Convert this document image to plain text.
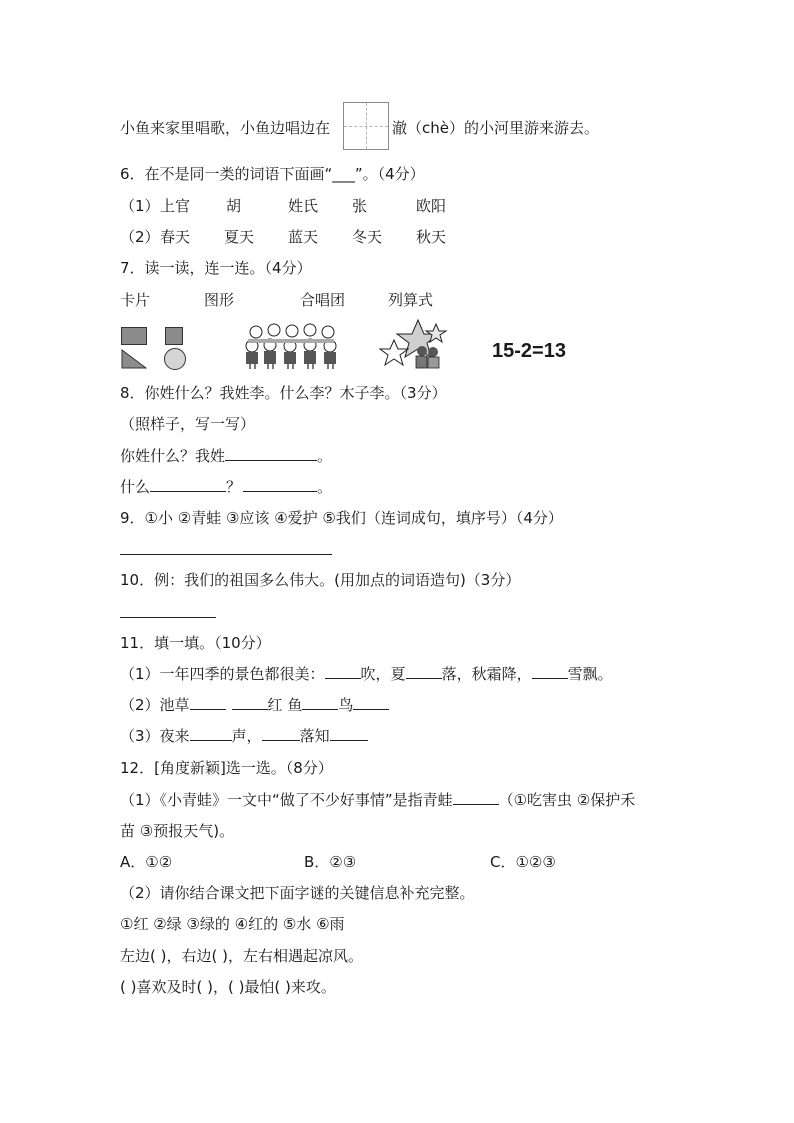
小鱼来家里唱歌，小鱼边唱边在	澈（chè）的小河里游来游去。
6．在不是同一类的词语下面画“___”。（4分）
（1） 上官 胡	姓氏 张	欧阳
（2） 春天 夏天 蓝天 冬天 秋天
7．读一读，连一连。（4分）
卡片	图形	合唱团	列算式
15-2=13
8．你姓什么？我姓李。什么李？木子李。（3分）
（照样子，写一写）
你姓什么？我姓	。
什么	？	。
9．①小 ②青蛙 ③应该 ④爱护 ⑤我们（连词成句，填序号）（4分）
10．例：我们的祖国多么伟大。(用加点的词语造句)（3分）
11．填一填。（10分）
（1）一年四季的景色都很美： 吹，夏 落，秋霜降， 雪飘。
（2）池草	红 鱼 鸟
（3）夜来	声，	落知
12．[角度新颖]选一选。（8分）
（1）《小青蛙》一文中“做了不少好事情”是指青蛙	（①吃害虫 ②保护禾
苗 ③预报天气)。
A．①②	B．②③	C．①②③
（2）请你结合课文把下面字谜的关键信息补充完整。
①红 ②绿 ③绿的 ④红的 ⑤水 ⑥雨
左边( )，右边( )，左右相遇起凉风。
( )喜欢及时( )，( )最怕( )来攻。
